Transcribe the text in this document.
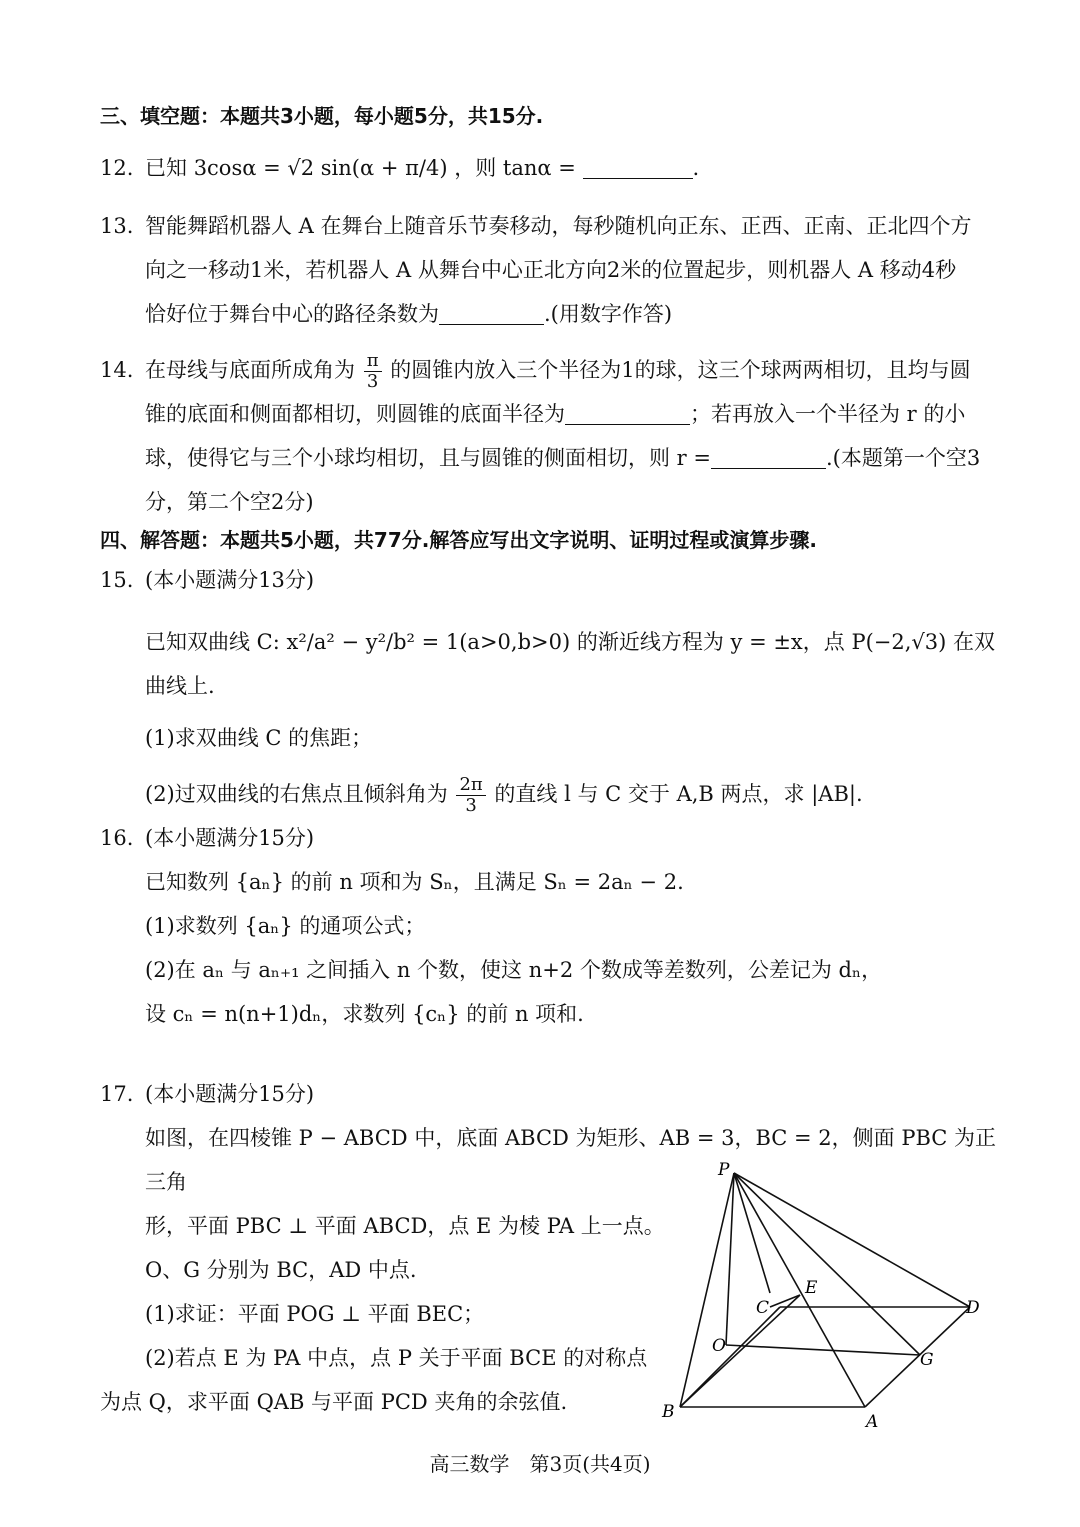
三、填空题：本题共3小题，每小题5分，共15分.
12. 已知 3cosα = √2 sin(α + π/4) ，则 tanα =	.
13. 智能舞蹈机器人 A 在舞台上随音乐节奏移动，每秒随机向正东、正西、正南、正北四个方
向之一移动1米，若机器人 A 从舞台中心正北方向2米的位置起步，则机器人 A 移动4秒
恰好位于舞台中心的路径条数为	.(用数字作答)
14. 在母线与底面所成角为 $\frac{\pi}{3}$ 的圆锥内放入三个半径为1的球，这三个球两两相切，且均与圆
锥的底面和侧面都相切，则圆锥的底面半径为	；若再放入一个半径为 r 的小
球，使得它与三个小球均相切，且与圆锥的侧面相切，则 r =	.(本题第一个空3
分，第二个空2分)
四、解答题：本题共5小题，共77分.解答应写出文字说明、证明过程或演算步骤.
15. (本小题满分13分)
已知双曲线 C: x²/a² − y²/b² = 1(a>0,b>0) 的渐近线方程为 y = ±x，点 P(−2,√3) 在双曲线上.
(1)求双曲线 C 的焦距；
(2)过双曲线的右焦点且倾斜角为 $\frac{2\pi}{3}$ 的直线 l 与 C 交于 A,B 两点，求 |AB|.
16. (本小题满分15分)
已知数列 {aₙ} 的前 n 项和为 Sₙ，且满足 Sₙ = 2aₙ − 2.
(1)求数列 {aₙ} 的通项公式；
(2)在 aₙ 与 aₙ₊₁ 之间插入 n 个数，使这 n+2 个数成等差数列，公差记为 dₙ，
设 cₙ = n(n+1)dₙ，求数列 {cₙ} 的前 n 项和.
17. (本小题满分15分)
如图，在四棱锥 P − ABCD 中，底面 ABCD 为矩形、AB = 3，BC = 2，侧面 PBC 为正三角
形，平面 PBC ⊥ 平面 ABCD，点 E 为棱 PA 上一点。
O、G 分别为 BC，AD 中点.
(1)求证：平面 POG ⊥ 平面 BEC；
(2)若点 E 为 PA 中点，点 P 关于平面 BCE 的对称点
为点 Q，求平面 QAB 与平面 PCD 夹角的余弦值.
P
E
C	D
O
G
B	A
高三数学　第3页(共4页)
